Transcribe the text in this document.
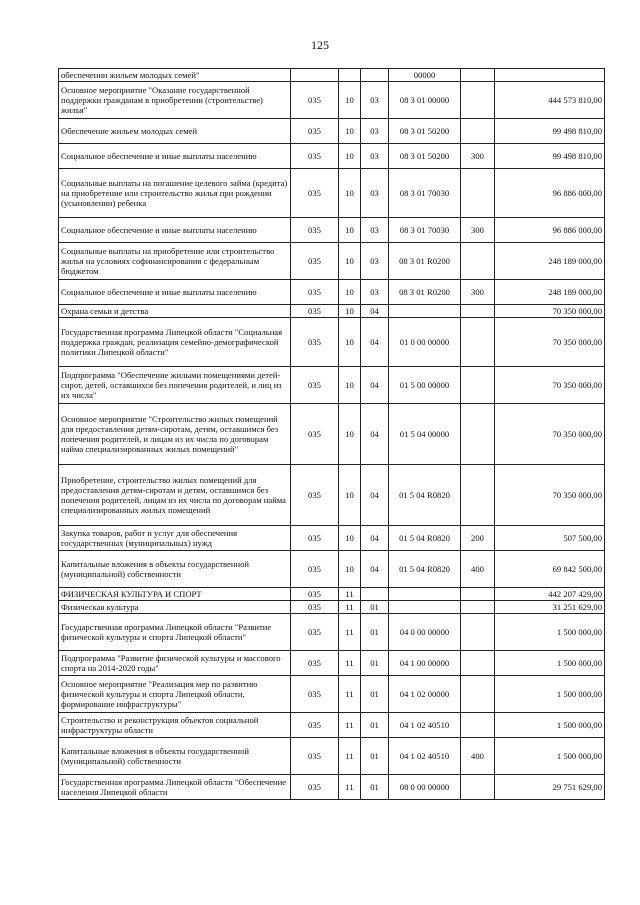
125
обеспечении жильем молодых семей"				00000		
Основное мероприятие "Оказание государственной поддержки гражданам в приобретении (строительстве) жилья"	035	10	03	08 3 01 00000		444 573 810,00
Обеспечение жильем молодых семей	035	10	03	08 3 01 50200		99 498 810,00
Социальное обеспечение и иные выплаты населению	035	10	03	08 3 01 50200	300	99 498 810,00
Социальные выплаты на погашение целевого займа (кредита) на приобретение или строительство жилья при рождении (усыновлении) ребенка	035	10	03	08 3 01 70030		96 886 000,00
Социальное обеспечение и иные выплаты населению	035	10	03	08 3 01 70030	300	96 886 000,00
Социальные выплаты на приобретение или строительство жилья на условиях софинансирования с федеральным бюджетом	035	10	03	08 3 01 R0200		248 189 000,00
Социальное обеспечение и иные выплаты населению	035	10	03	08 3 01 R0200	300	248 189 000,00
Охрана семьи и детства	035	10	04			70 350 000,00
Государственная программа Липецкой области "Социальная поддержка граждан, реализация семейно-демографической политики Липецкой области"	035	10	04	01 0 00 00000		70 350 000,00
Подпрограмма "Обеспечение жилыми помещениями детей-сирот, детей, оставшихся без попечения родителей, и лиц из их числа"	035	10	04	01 5 00 00000		70 350 000,00
Основное мероприятие "Строительство жилых помещений для предоставления детям-сиротам, детям, оставшимся без попечения родителей, и лицам из их числа по договорам найма специализированных жилых помещений"	035	10	04	01 5 04 00000		70 350 000,00
Приобретение, строительство жилых помещений для предоставления детям-сиротам и детям, оставшимся без попечения родителей, лицам из их числа по договорам найма специализированных жилых помещений	035	10	04	01 5 04 R0820		70 350 000,00
Закупка товаров, работ и услуг для обеспечения государственных (муниципальных) нужд	035	10	04	01 5 04 R0820	200	507 500,00
Капитальные вложения в объекты государственной (муниципальной) собственности	035	10	04	01 5 04 R0820	400	69 842 500,00
ФИЗИЧЕСКАЯ КУЛЬТУРА И СПОРТ	035	11				442 207 429,00
Физическая культура	035	11	01			31 251 629,00
Государственная программа Липецкой области "Развитие физической культуры и спорта Липецкой области"	035	11	01	04 0 00 00000		1 500 000,00
Подпрограмма "Развитие физической культуры и массового спорта на 2014-2020 годы"	035	11	01	04 1 00 00000		1 500 000,00
Основное мероприятие "Реализация мер по развитию физической культуры и спорта Липецкой области, формирование инфраструктуры"	035	11	01	04 1 02 00000		1 500 000,00
Строительство и реконструкция объектов социальной инфраструктуры области	035	11	01	04 1 02 40510		1 500 000,00
Капитальные вложения в объекты государственной (муниципальной) собственности	035	11	01	04 1 02 40510	400	1 500 000,00
Государственная программа Липецкой области "Обеспечение населения Липецкой области	035	11	01	08 0 00 00000		29 751 629,00
